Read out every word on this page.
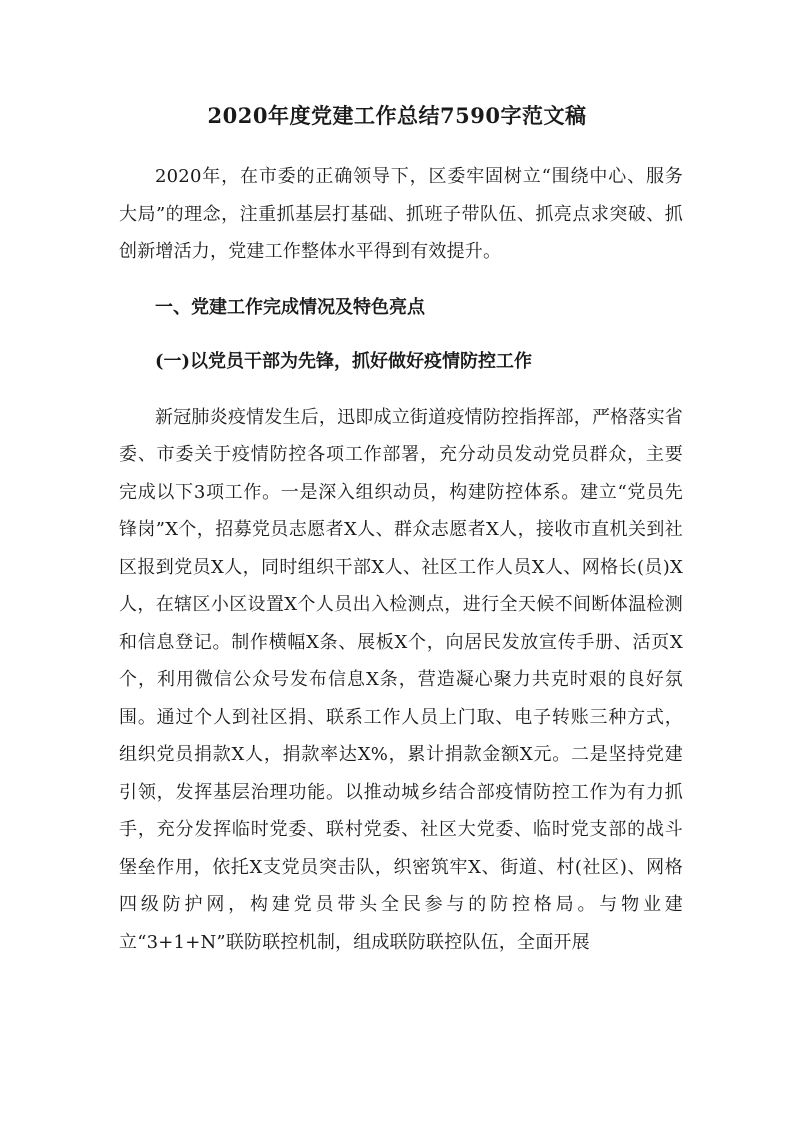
2020年度党建工作总结7590字范文稿

2020年，在市委的正确领导下，区委牢固树立“围绕中心、服务大局”的理念，注重抓基层打基础、抓班子带队伍、抓亮点求突破、抓创新增活力，党建工作整体水平得到有效提升。

一、党建工作完成情况及特色亮点

(一)以党员干部为先锋，抓好做好疫情防控工作

新冠肺炎疫情发生后，迅即成立街道疫情防控指挥部，严格落实省委、市委关于疫情防控各项工作部署，充分动员发动党员群众，主要完成以下3项工作。一是深入组织动员，构建防控体系。建立“党员先锋岗”X个，招募党员志愿者X人、群众志愿者X人，接收市直机关到社区报到党员X人，同时组织干部X人、社区工作人员X人、网格长(员)X人，在辖区小区设置X个人员出入检测点，进行全天候不间断体温检测和信息登记。制作横幅X条、展板X个，向居民发放宣传手册、活页X个，利用微信公众号发布信息X条，营造凝心聚力共克时艰的良好氛围。通过个人到社区捐、联系工作人员上门取、电子转账三种方式，组织党员捐款X人，捐款率达X%，累计捐款金额X元。二是坚持党建引领，发挥基层治理功能。以推动城乡结合部疫情防控工作为有力抓手，充分发挥临时党委、联村党委、社区大党委、临时党支部的战斗堡垒作用，依托X支党员突击队，织密筑牢X、街道、村(社区)、网格四级防护网，构建党员带头全民参与的防控格局。与物业建立“3+1+N”联防联控机制，组成联防联控队伍，全面开展
